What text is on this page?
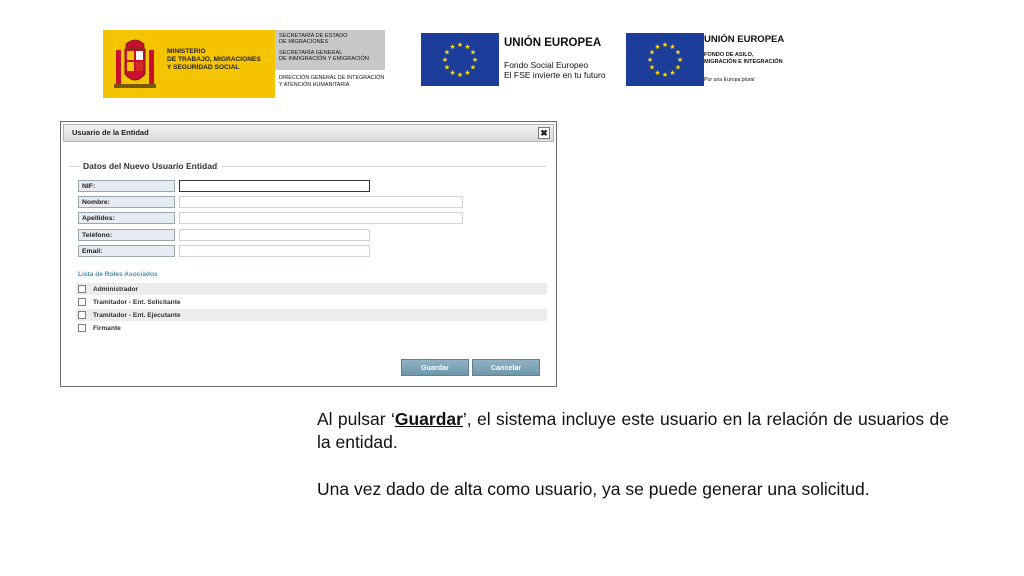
MINISTERIO
DE TRABAJO, MIGRACIONES
Y SEGURIDAD SOCIAL
SECRETARÍA DE ESTADO
DE MIGRACIONES
SECRETARÍA GENERAL
DE INMIGRACIÓN Y EMIGRACIÓN
DIRECCIÓN GENERAL DE INTEGRACIÓN
Y ATENCIÓN HUMANITARIA
★ ★
★
★
★
★
★
★
★
★
★
★	UNIÓN EUROPEA
Fondo Social Europeo
El FSE invierte en tu futuro
★ ★
★
★
★
★
★
★
★
★
★
★
UNIÓN EUROPEA
FONDO DE ASILO,
MIGRACIÓN E INTEGRACIÓN
Por una Europa plural
Usuario de la Entidad	✖
Datos del Nuevo Usuario Entidad
NIF:
Nombre:
Apellidos:
Teléfono:
Email:
Lista de Roles Asociados
Administrador
Tramitador - Ent. Solicitante
Tramitador - Ent. Ejecutante
Firmante
Guardar	Cancelar
Al pulsar ‘Guardar’, el sistema incluye este usuario en la relación de usuarios de la entidad.
Una vez dado de alta como usuario, ya se puede generar una solicitud.
